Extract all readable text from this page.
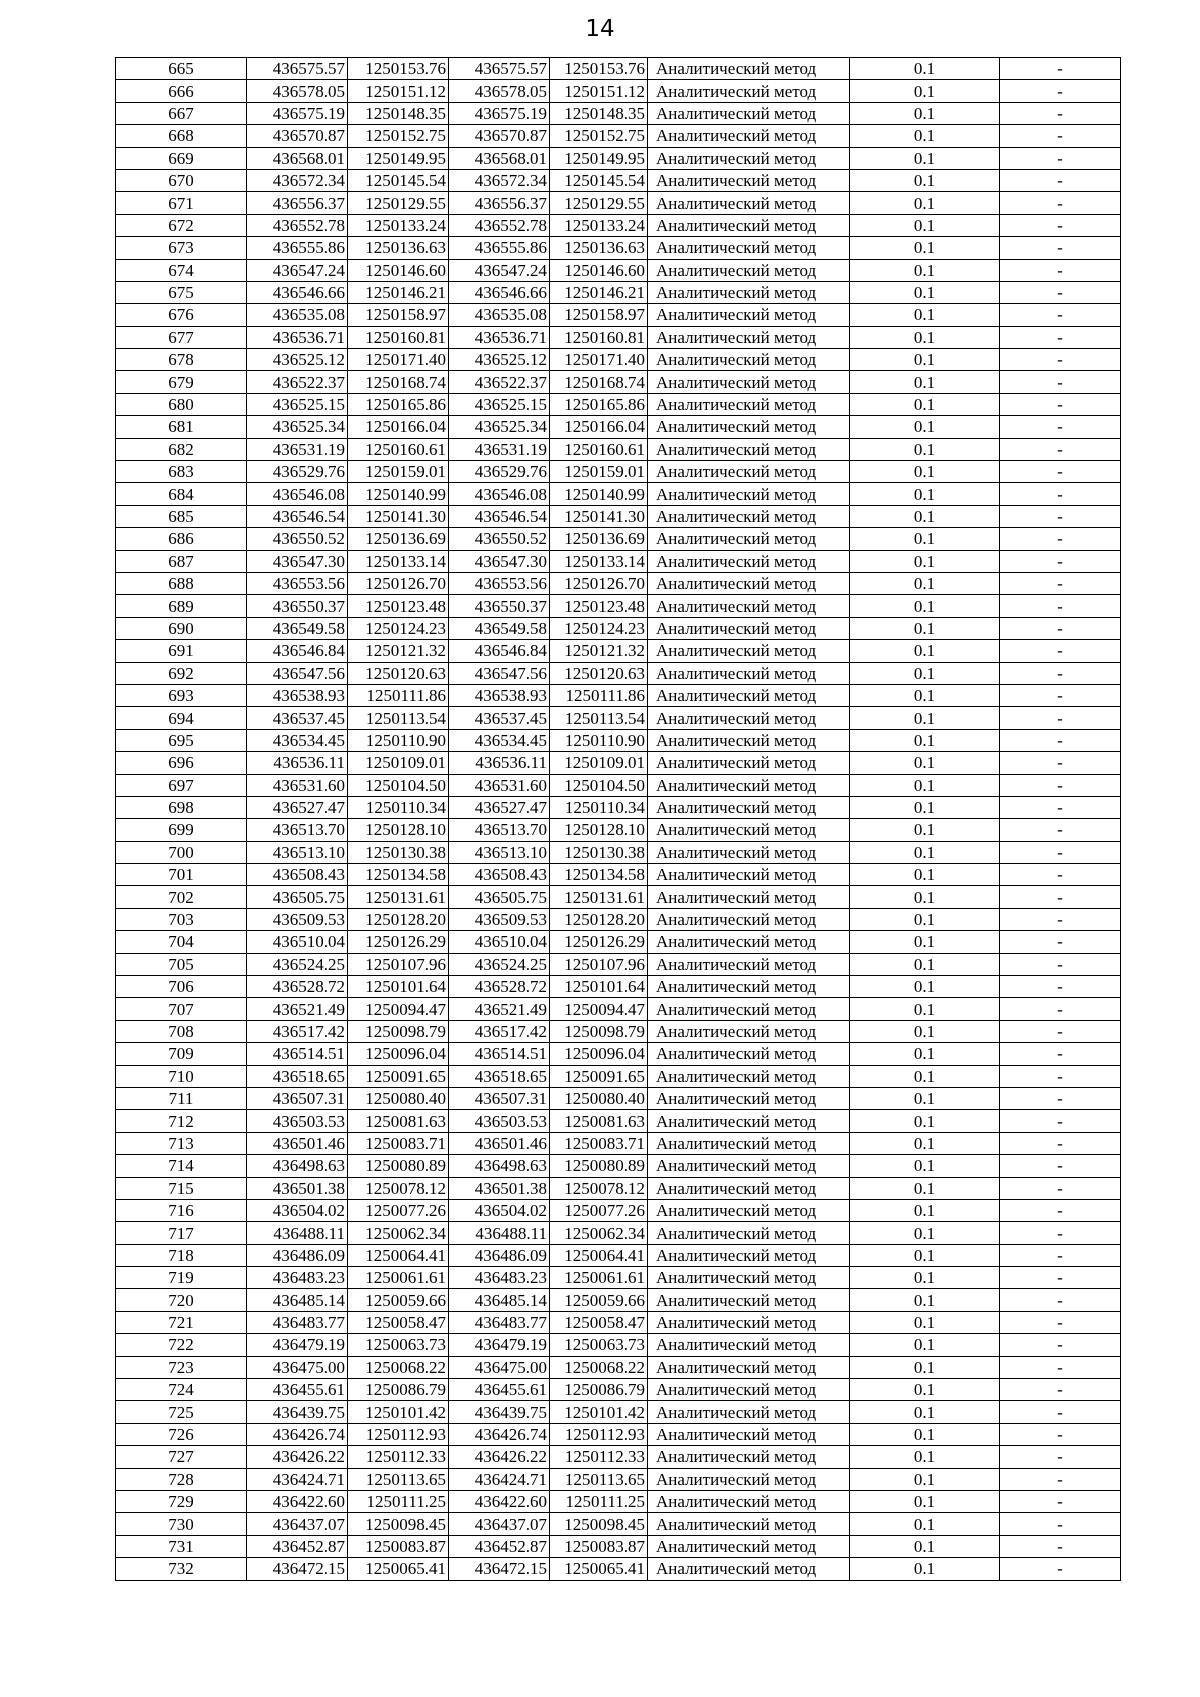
14
665	436575.57	1250153.76	436575.57	1250153.76	Аналитический метод	0.1	-
666	436578.05	1250151.12	436578.05	1250151.12	Аналитический метод	0.1	-
667	436575.19	1250148.35	436575.19	1250148.35	Аналитический метод	0.1	-
668	436570.87	1250152.75	436570.87	1250152.75	Аналитический метод	0.1	-
669	436568.01	1250149.95	436568.01	1250149.95	Аналитический метод	0.1	-
670	436572.34	1250145.54	436572.34	1250145.54	Аналитический метод	0.1	-
671	436556.37	1250129.55	436556.37	1250129.55	Аналитический метод	0.1	-
672	436552.78	1250133.24	436552.78	1250133.24	Аналитический метод	0.1	-
673	436555.86	1250136.63	436555.86	1250136.63	Аналитический метод	0.1	-
674	436547.24	1250146.60	436547.24	1250146.60	Аналитический метод	0.1	-
675	436546.66	1250146.21	436546.66	1250146.21	Аналитический метод	0.1	-
676	436535.08	1250158.97	436535.08	1250158.97	Аналитический метод	0.1	-
677	436536.71	1250160.81	436536.71	1250160.81	Аналитический метод	0.1	-
678	436525.12	1250171.40	436525.12	1250171.40	Аналитический метод	0.1	-
679	436522.37	1250168.74	436522.37	1250168.74	Аналитический метод	0.1	-
680	436525.15	1250165.86	436525.15	1250165.86	Аналитический метод	0.1	-
681	436525.34	1250166.04	436525.34	1250166.04	Аналитический метод	0.1	-
682	436531.19	1250160.61	436531.19	1250160.61	Аналитический метод	0.1	-
683	436529.76	1250159.01	436529.76	1250159.01	Аналитический метод	0.1	-
684	436546.08	1250140.99	436546.08	1250140.99	Аналитический метод	0.1	-
685	436546.54	1250141.30	436546.54	1250141.30	Аналитический метод	0.1	-
686	436550.52	1250136.69	436550.52	1250136.69	Аналитический метод	0.1	-
687	436547.30	1250133.14	436547.30	1250133.14	Аналитический метод	0.1	-
688	436553.56	1250126.70	436553.56	1250126.70	Аналитический метод	0.1	-
689	436550.37	1250123.48	436550.37	1250123.48	Аналитический метод	0.1	-
690	436549.58	1250124.23	436549.58	1250124.23	Аналитический метод	0.1	-
691	436546.84	1250121.32	436546.84	1250121.32	Аналитический метод	0.1	-
692	436547.56	1250120.63	436547.56	1250120.63	Аналитический метод	0.1	-
693	436538.93	1250111.86	436538.93	1250111.86	Аналитический метод	0.1	-
694	436537.45	1250113.54	436537.45	1250113.54	Аналитический метод	0.1	-
695	436534.45	1250110.90	436534.45	1250110.90	Аналитический метод	0.1	-
696	436536.11	1250109.01	436536.11	1250109.01	Аналитический метод	0.1	-
697	436531.60	1250104.50	436531.60	1250104.50	Аналитический метод	0.1	-
698	436527.47	1250110.34	436527.47	1250110.34	Аналитический метод	0.1	-
699	436513.70	1250128.10	436513.70	1250128.10	Аналитический метод	0.1	-
700	436513.10	1250130.38	436513.10	1250130.38	Аналитический метод	0.1	-
701	436508.43	1250134.58	436508.43	1250134.58	Аналитический метод	0.1	-
702	436505.75	1250131.61	436505.75	1250131.61	Аналитический метод	0.1	-
703	436509.53	1250128.20	436509.53	1250128.20	Аналитический метод	0.1	-
704	436510.04	1250126.29	436510.04	1250126.29	Аналитический метод	0.1	-
705	436524.25	1250107.96	436524.25	1250107.96	Аналитический метод	0.1	-
706	436528.72	1250101.64	436528.72	1250101.64	Аналитический метод	0.1	-
707	436521.49	1250094.47	436521.49	1250094.47	Аналитический метод	0.1	-
708	436517.42	1250098.79	436517.42	1250098.79	Аналитический метод	0.1	-
709	436514.51	1250096.04	436514.51	1250096.04	Аналитический метод	0.1	-
710	436518.65	1250091.65	436518.65	1250091.65	Аналитический метод	0.1	-
711	436507.31	1250080.40	436507.31	1250080.40	Аналитический метод	0.1	-
712	436503.53	1250081.63	436503.53	1250081.63	Аналитический метод	0.1	-
713	436501.46	1250083.71	436501.46	1250083.71	Аналитический метод	0.1	-
714	436498.63	1250080.89	436498.63	1250080.89	Аналитический метод	0.1	-
715	436501.38	1250078.12	436501.38	1250078.12	Аналитический метод	0.1	-
716	436504.02	1250077.26	436504.02	1250077.26	Аналитический метод	0.1	-
717	436488.11	1250062.34	436488.11	1250062.34	Аналитический метод	0.1	-
718	436486.09	1250064.41	436486.09	1250064.41	Аналитический метод	0.1	-
719	436483.23	1250061.61	436483.23	1250061.61	Аналитический метод	0.1	-
720	436485.14	1250059.66	436485.14	1250059.66	Аналитический метод	0.1	-
721	436483.77	1250058.47	436483.77	1250058.47	Аналитический метод	0.1	-
722	436479.19	1250063.73	436479.19	1250063.73	Аналитический метод	0.1	-
723	436475.00	1250068.22	436475.00	1250068.22	Аналитический метод	0.1	-
724	436455.61	1250086.79	436455.61	1250086.79	Аналитический метод	0.1	-
725	436439.75	1250101.42	436439.75	1250101.42	Аналитический метод	0.1	-
726	436426.74	1250112.93	436426.74	1250112.93	Аналитический метод	0.1	-
727	436426.22	1250112.33	436426.22	1250112.33	Аналитический метод	0.1	-
728	436424.71	1250113.65	436424.71	1250113.65	Аналитический метод	0.1	-
729	436422.60	1250111.25	436422.60	1250111.25	Аналитический метод	0.1	-
730	436437.07	1250098.45	436437.07	1250098.45	Аналитический метод	0.1	-
731	436452.87	1250083.87	436452.87	1250083.87	Аналитический метод	0.1	-
732	436472.15	1250065.41	436472.15	1250065.41	Аналитический метод	0.1	-
